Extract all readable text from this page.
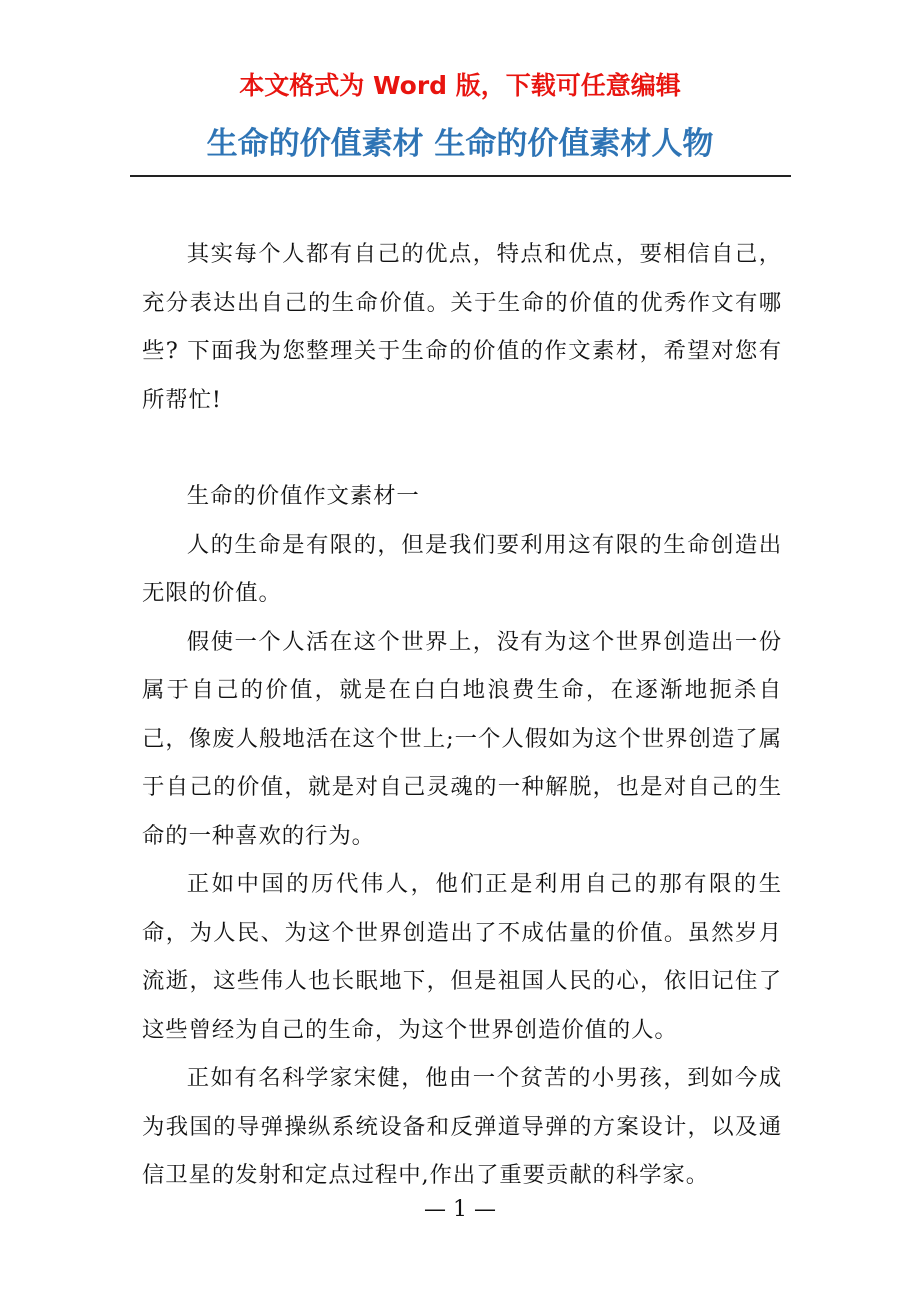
本文格式为 Word 版，下载可任意编辑
生命的价值素材 生命的价值素材人物

其实每个人都有自己的优点，特点和优点，要相信自己，充分表达出自己的生命价值。关于生命的价值的优秀作文有哪些? 下面我为您整理关于生命的价值的作文素材，希望对您有所帮忙!

生命的价值作文素材一

人的生命是有限的，但是我们要利用这有限的生命创造出无限的价值。

假使一个人活在这个世界上，没有为这个世界创造出一份属于自己的价值，就是在白白地浪费生命，在逐渐地扼杀自己，像废人般地活在这个世上;一个人假如为这个世界创造了属于自己的价值，就是对自己灵魂的一种解脱，也是对自己的生命的一种喜欢的行为。

正如中国的历代伟人，他们正是利用自己的那有限的生命，为人民、为这个世界创造出了不成估量的价值。虽然岁月流逝，这些伟人也长眠地下，但是祖国人民的心，依旧记住了这些曾经为自己的生命，为这个世界创造价值的人。

正如有名科学家宋健，他由一个贫苦的小男孩，到如今成为我国的导弹操纵系统设备和反弹道导弹的方案设计，以及通信卫星的发射和定点过程中,作出了重要贡献的科学家。

— 1 —
